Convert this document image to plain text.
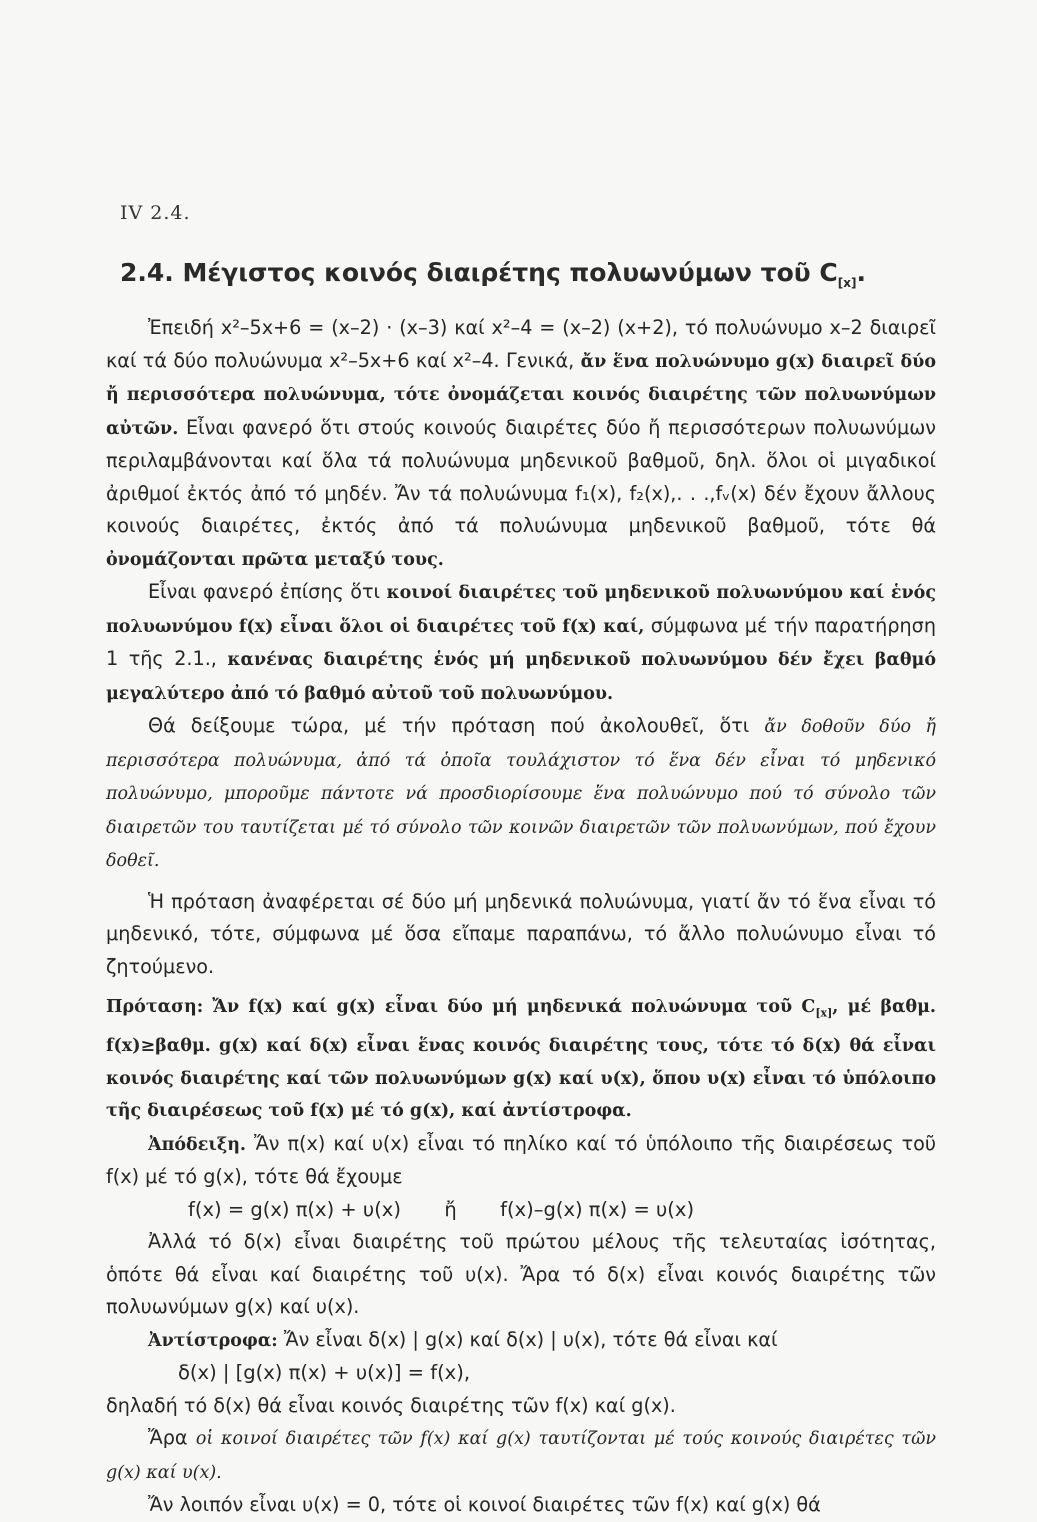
IV 2.4.
2.4. Μέγιστος κοινός διαιρέτης πολυωνύμων τοῦ $C_{[x]}$.

Ἐπειδή x²–5x+6 = (x–2) · (x–3) καί x²–4 = (x–2) (x+2), τό πολυώνυμο x–2 διαιρεῖ καί τά δύο πολυώνυμα x²–5x+6 καί x²–4. Γενικά, ἄν ἕνα πολυώνυμο g(x) διαιρεῖ δύο ἤ περισσότερα πολυώνυμα, τότε ὀνομάζεται κοινός διαιρέτης τῶν πολυωνύμων αὐτῶν. Εἶναι φανερό ὅτι στούς κοινούς διαιρέτες δύο ἤ περισσότερων πολυωνύμων περιλαμβάνονται καί ὅλα τά πολυώνυμα μηδενικοῦ βαθμοῦ, δηλ. ὅλοι οἱ μιγαδικοί ἀριθμοί ἐκτός ἀπό τό μηδέν. Ἄν τά πολυώνυμα f₁(x), f₂(x),. . .,fᵥ(x) δέν ἔχουν ἄλλους κοινούς διαιρέτες, ἐκτός ἀπό τά πολυώνυμα μηδενικοῦ βαθμοῦ, τότε θά ὀνομάζονται πρῶτα μεταξύ τους.

Εἶναι φανερό ἐπίσης ὅτι κοινοί διαιρέτες τοῦ μηδενικοῦ πολυωνύμου καί ἑνός πολυωνύμου f(x) εἶναι ὅλοι οἱ διαιρέτες τοῦ f(x) καί, σύμφωνα μέ τήν παρατήρηση 1 τῆς 2.1., κανένας διαιρέτης ἑνός μή μηδενικοῦ πολυωνύμου δέν ἔχει βαθμό μεγαλύτερο ἀπό τό βαθμό αὐτοῦ τοῦ πολυωνύμου.

Θά δείξουμε τώρα, μέ τήν πρόταση πού ἀκολουθεῖ, ὅτι ἄν δοθοῦν δύο ἤ περισσότερα πολυώνυμα, ἀπό τά ὁποῖα τουλάχιστον τό ἕνα δέν εἶναι τό μηδενικό πολυώνυμο, μποροῦμε πάντοτε νά προσδιορίσουμε ἕνα πολυώνυμο πού τό σύνολο τῶν διαιρετῶν του ταυτίζεται μέ τό σύνολο τῶν κοινῶν διαιρετῶν τῶν πολυωνύμων, πού ἔχουν δοθεῖ.

Ἡ πρόταση ἀναφέρεται σέ δύο μή μηδενικά πολυώνυμα, γιατί ἄν τό ἕνα εἶναι τό μηδενικό, τότε, σύμφωνα μέ ὅσα εἴπαμε παραπάνω, τό ἄλλο πολυώνυμο εἶναι τό ζητούμενο.

Πρόταση: Ἄν f(x) καί g(x) εἶναι δύο μή μηδενικά πολυώνυμα τοῦ $C_{[x]}$, μέ βαθμ. f(x)≥βαθμ. g(x) καί δ(x) εἶναι ἕνας κοινός διαιρέτης τους, τότε τό δ(x) θά εἶναι κοινός διαιρέτης καί τῶν πολυωνύμων g(x) καί υ(x), ὅπου υ(x) εἶναι τό ὑπόλοιπο τῆς διαιρέσεως τοῦ f(x) μέ τό g(x), καί ἀντίστροφα.

Ἀπόδειξη. Ἄν π(x) καί υ(x) εἶναι τό πηλίκο καί τό ὑπόλοιπο τῆς διαιρέσεως τοῦ f(x) μέ τό g(x), τότε θά ἔχουμε

f(x) = g(x) π(x) + υ(x)       ἤ       f(x)–g(x) π(x) = υ(x)

Ἀλλά τό δ(x) εἶναι διαιρέτης τοῦ πρώτου μέλους τῆς τελευταίας ἰσότητας, ὁπότε θά εἶναι καί διαιρέτης τοῦ υ(x). Ἄρα τό δ(x) εἶναι κοινός διαιρέτης τῶν πολυωνύμων g(x) καί υ(x).

Ἀντίστροφα: Ἄν εἶναι δ(x) | g(x) καί δ(x) | υ(x), τότε θά εἶναι καί

δ(x) | [g(x) π(x) + υ(x)] = f(x),

δηλαδή τό δ(x) θά εἶναι κοινός διαιρέτης τῶν f(x) καί g(x).

Ἄρα οἱ κοινοί διαιρέτες τῶν f(x) καί g(x) ταυτίζονται μέ τούς κοινούς διαιρέτες τῶν g(x) καί υ(x).

Ἄν λοιπόν εἶναι υ(x) = 0, τότε οἱ κοινοί διαιρέτες τῶν f(x) καί g(x) θά
